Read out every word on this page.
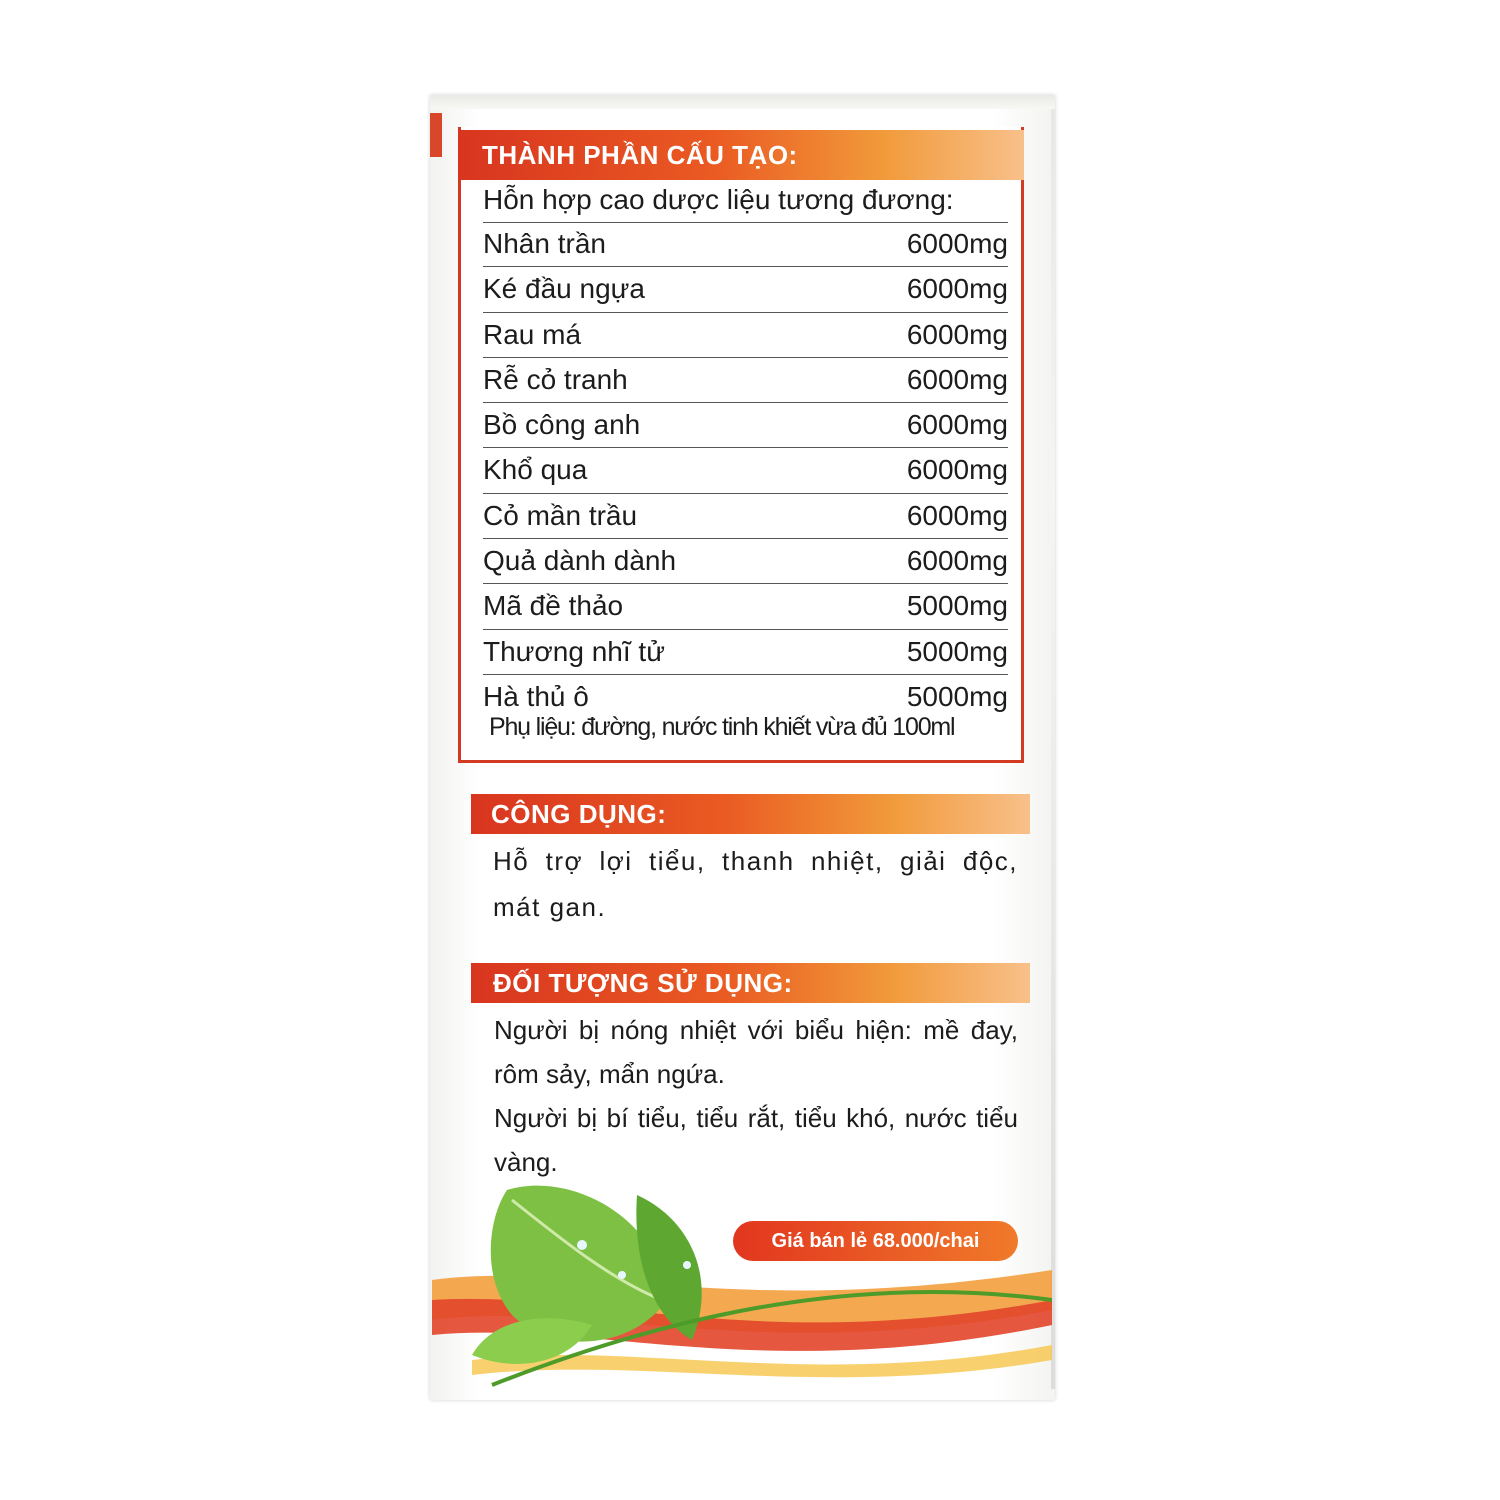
THÀNH PHẦN CẤU TẠO:
Hỗn hợp cao dược liệu tương đương:
Nhân trần	6000mg
Ké đầu ngựa	6000mg
Rau má	6000mg
Rễ cỏ tranh	6000mg
Bồ công anh	6000mg
Khổ qua	6000mg
Cỏ mần trầu	6000mg
Quả dành dành	6000mg
Mã đề thảo	5000mg
Thương nhĩ tử	5000mg
Hà thủ ô	5000mg
Phụ liệu: đường, nước tinh khiết vừa đủ 100ml
CÔNG DỤNG:
Hỗ trợ lợi tiểu, thanh nhiệt, giải độc, mát gan.
ĐỐI TƯỢNG SỬ DỤNG:

Người bị nóng nhiệt với biểu hiện: mề đay, rôm sảy, mẩn ngứa.

Người bị bí tiểu, tiểu rắt, tiểu khó, nước tiểu vàng.

Giá bán lẻ 68.000/chai
